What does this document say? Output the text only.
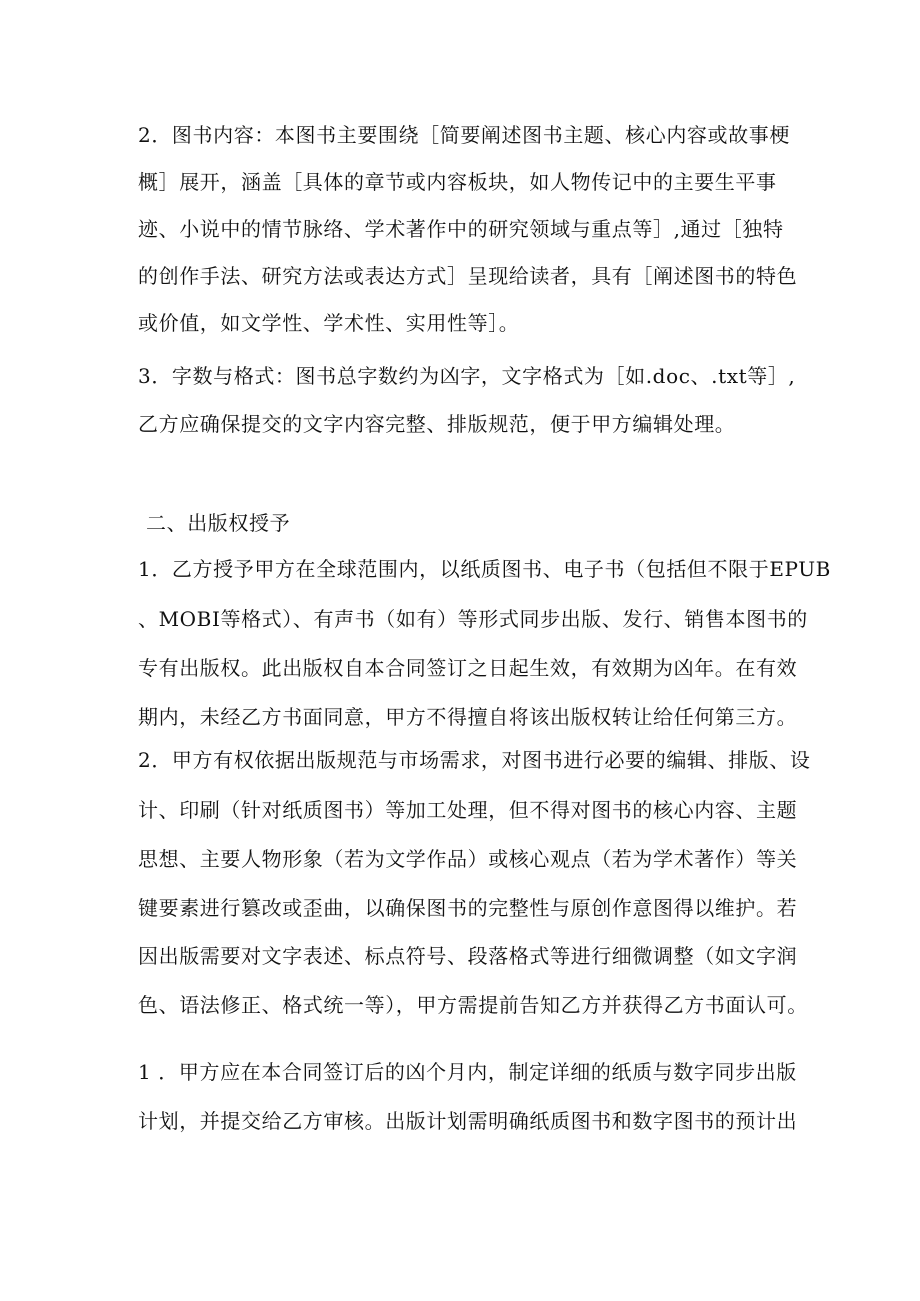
2．图书内容：本图书主要围绕［简要阐述图书主题、核心内容或故事梗
概］展开，涵盖［具体的章节或内容板块，如人物传记中的主要生平事
迹、小说中的情节脉络、学术著作中的研究领域与重点等］,通过［独特
的创作手法、研究方法或表达方式］呈现给读者，具有［阐述图书的特色
或价值，如文学性、学术性、实用性等］。
3．字数与格式：图书总字数约为凶字，文字格式为［如.doc、.txt等］,
乙方应确保提交的文字内容完整、排版规范，便于甲方编辑处理。
二、出版权授予
1．乙方授予甲方在全球范围内，以纸质图书、电子书（包括但不限于EPUB
、MOBI等格式）、有声书（如有）等形式同步出版、发行、销售本图书的
专有出版权。此出版权自本合同签订之日起生效，有效期为凶年。在有效
期内，未经乙方书面同意，甲方不得擅自将该出版权转让给任何第三方。
2．甲方有权依据出版规范与市场需求，对图书进行必要的编辑、排版、设
计、印刷（针对纸质图书）等加工处理，但不得对图书的核心内容、主题
思想、主要人物形象（若为文学作品）或核心观点（若为学术著作）等关
键要素进行篡改或歪曲，以确保图书的完整性与原创作意图得以维护。若
因出版需要对文字表述、标点符号、段落格式等进行细微调整（如文字润
色、语法修正、格式统一等），甲方需提前告知乙方并获得乙方书面认可。
1 ．甲方应在本合同签订后的凶个月内，制定详细的纸质与数字同步出版
计划，并提交给乙方审核。出版计划需明确纸质图书和数字图书的预计出
